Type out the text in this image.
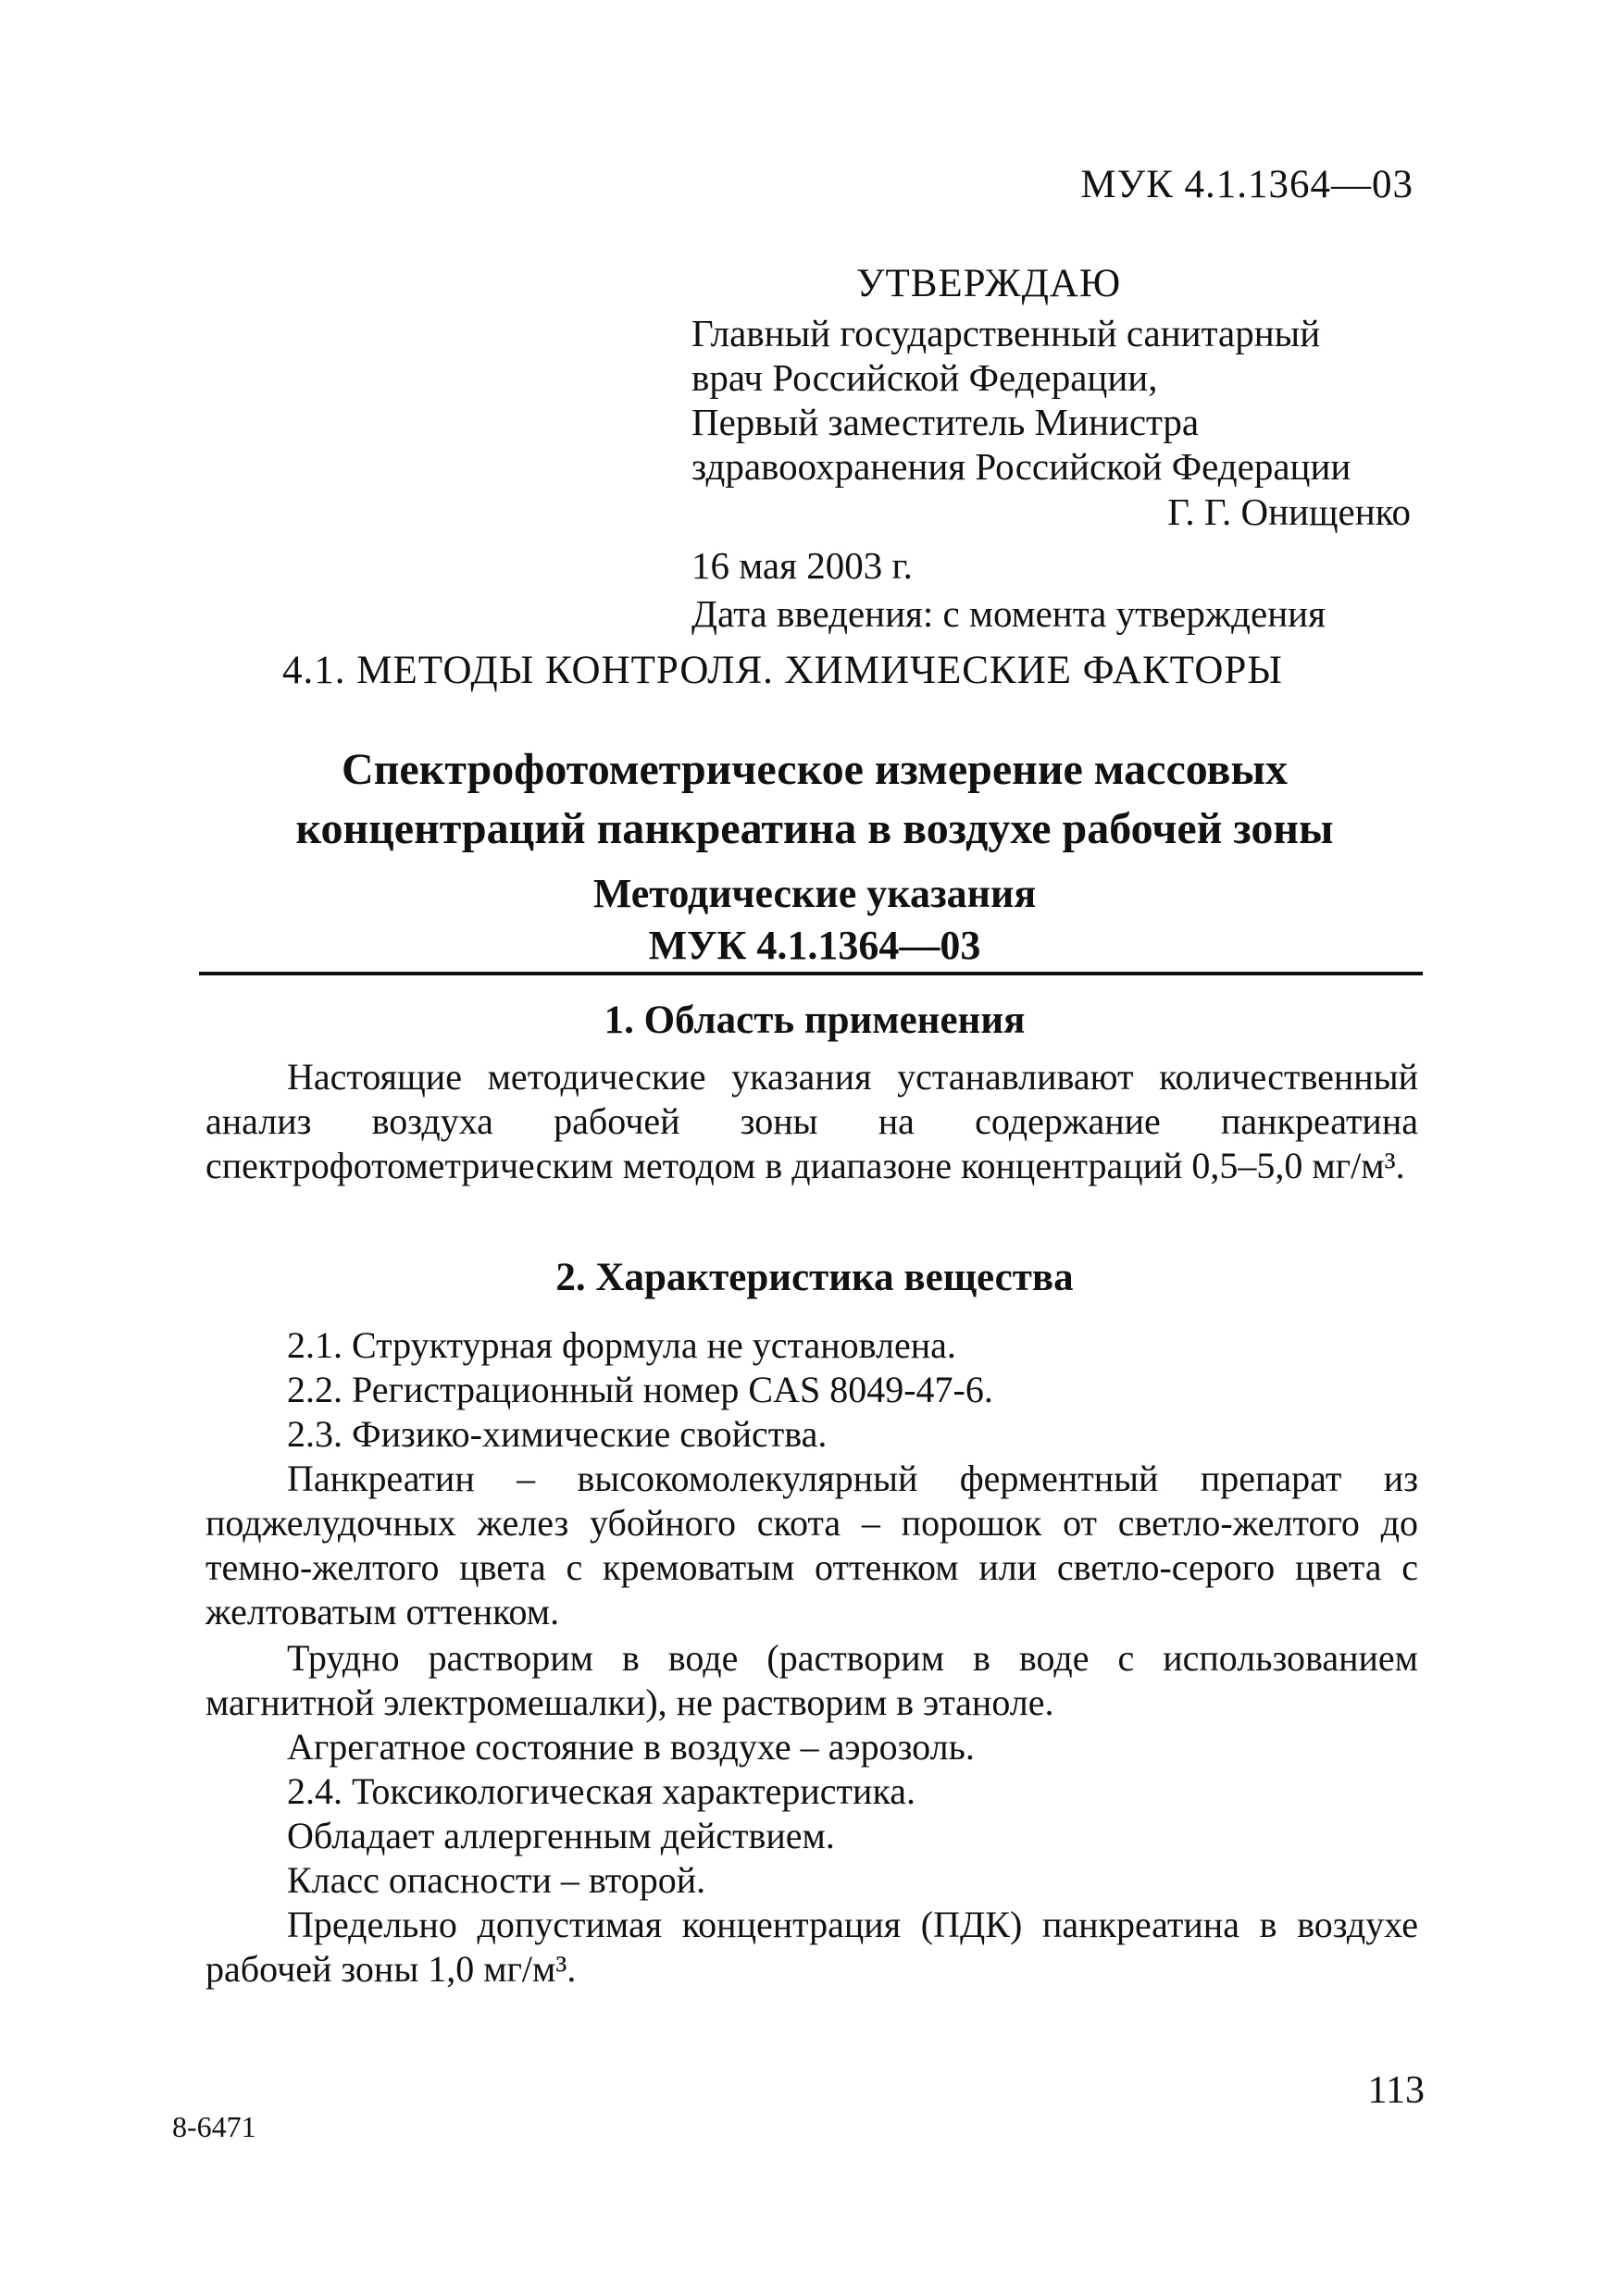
МУК 4.1.1364—03
УТВЕРЖДАЮ
Главный государственный санитарный
врач Российской Федерации,
Первый заместитель Министра
здравоохранения Российской Федерации
Г. Г. Онищенко
16 мая 2003 г.
Дата введения: с момента утверждения
4.1. МЕТОДЫ КОНТРОЛЯ. ХИМИЧЕСКИЕ ФАКТОРЫ
Спектрофотометрическое измерение массовых
концентраций панкреатина в воздухе рабочей зоны
Методические указания
МУК 4.1.1364—03
1. Область применения
Настоящие методические указания устанавливают количественный анализ воздуха рабочей зоны на содержание панкреатина спектрофотометрическим методом в диапазоне концентраций 0,5–5,0 мг/м³.
2. Характеристика вещества
2.1. Структурная формула не установлена.
2.2. Регистрационный номер CAS 8049-47-6.
2.3. Физико-химические свойства.
Панкреатин – высокомолекулярный ферментный препарат из поджелудочных желез убойного скота – порошок от светло-желтого до темно-желтого цвета с кремоватым оттенком или светло-серого цвета с желтоватым оттенком.
Трудно растворим в воде (растворим в воде с использованием магнитной электромешалки), не растворим в этаноле.
Агрегатное состояние в воздухе – аэрозоль.
2.4. Токсикологическая характеристика.
Обладает аллергенным действием.
Класс опасности – второй.
Предельно допустимая концентрация (ПДК) панкреатина в воздухе рабочей зоны 1,0 мг/м³.
113
8-6471
